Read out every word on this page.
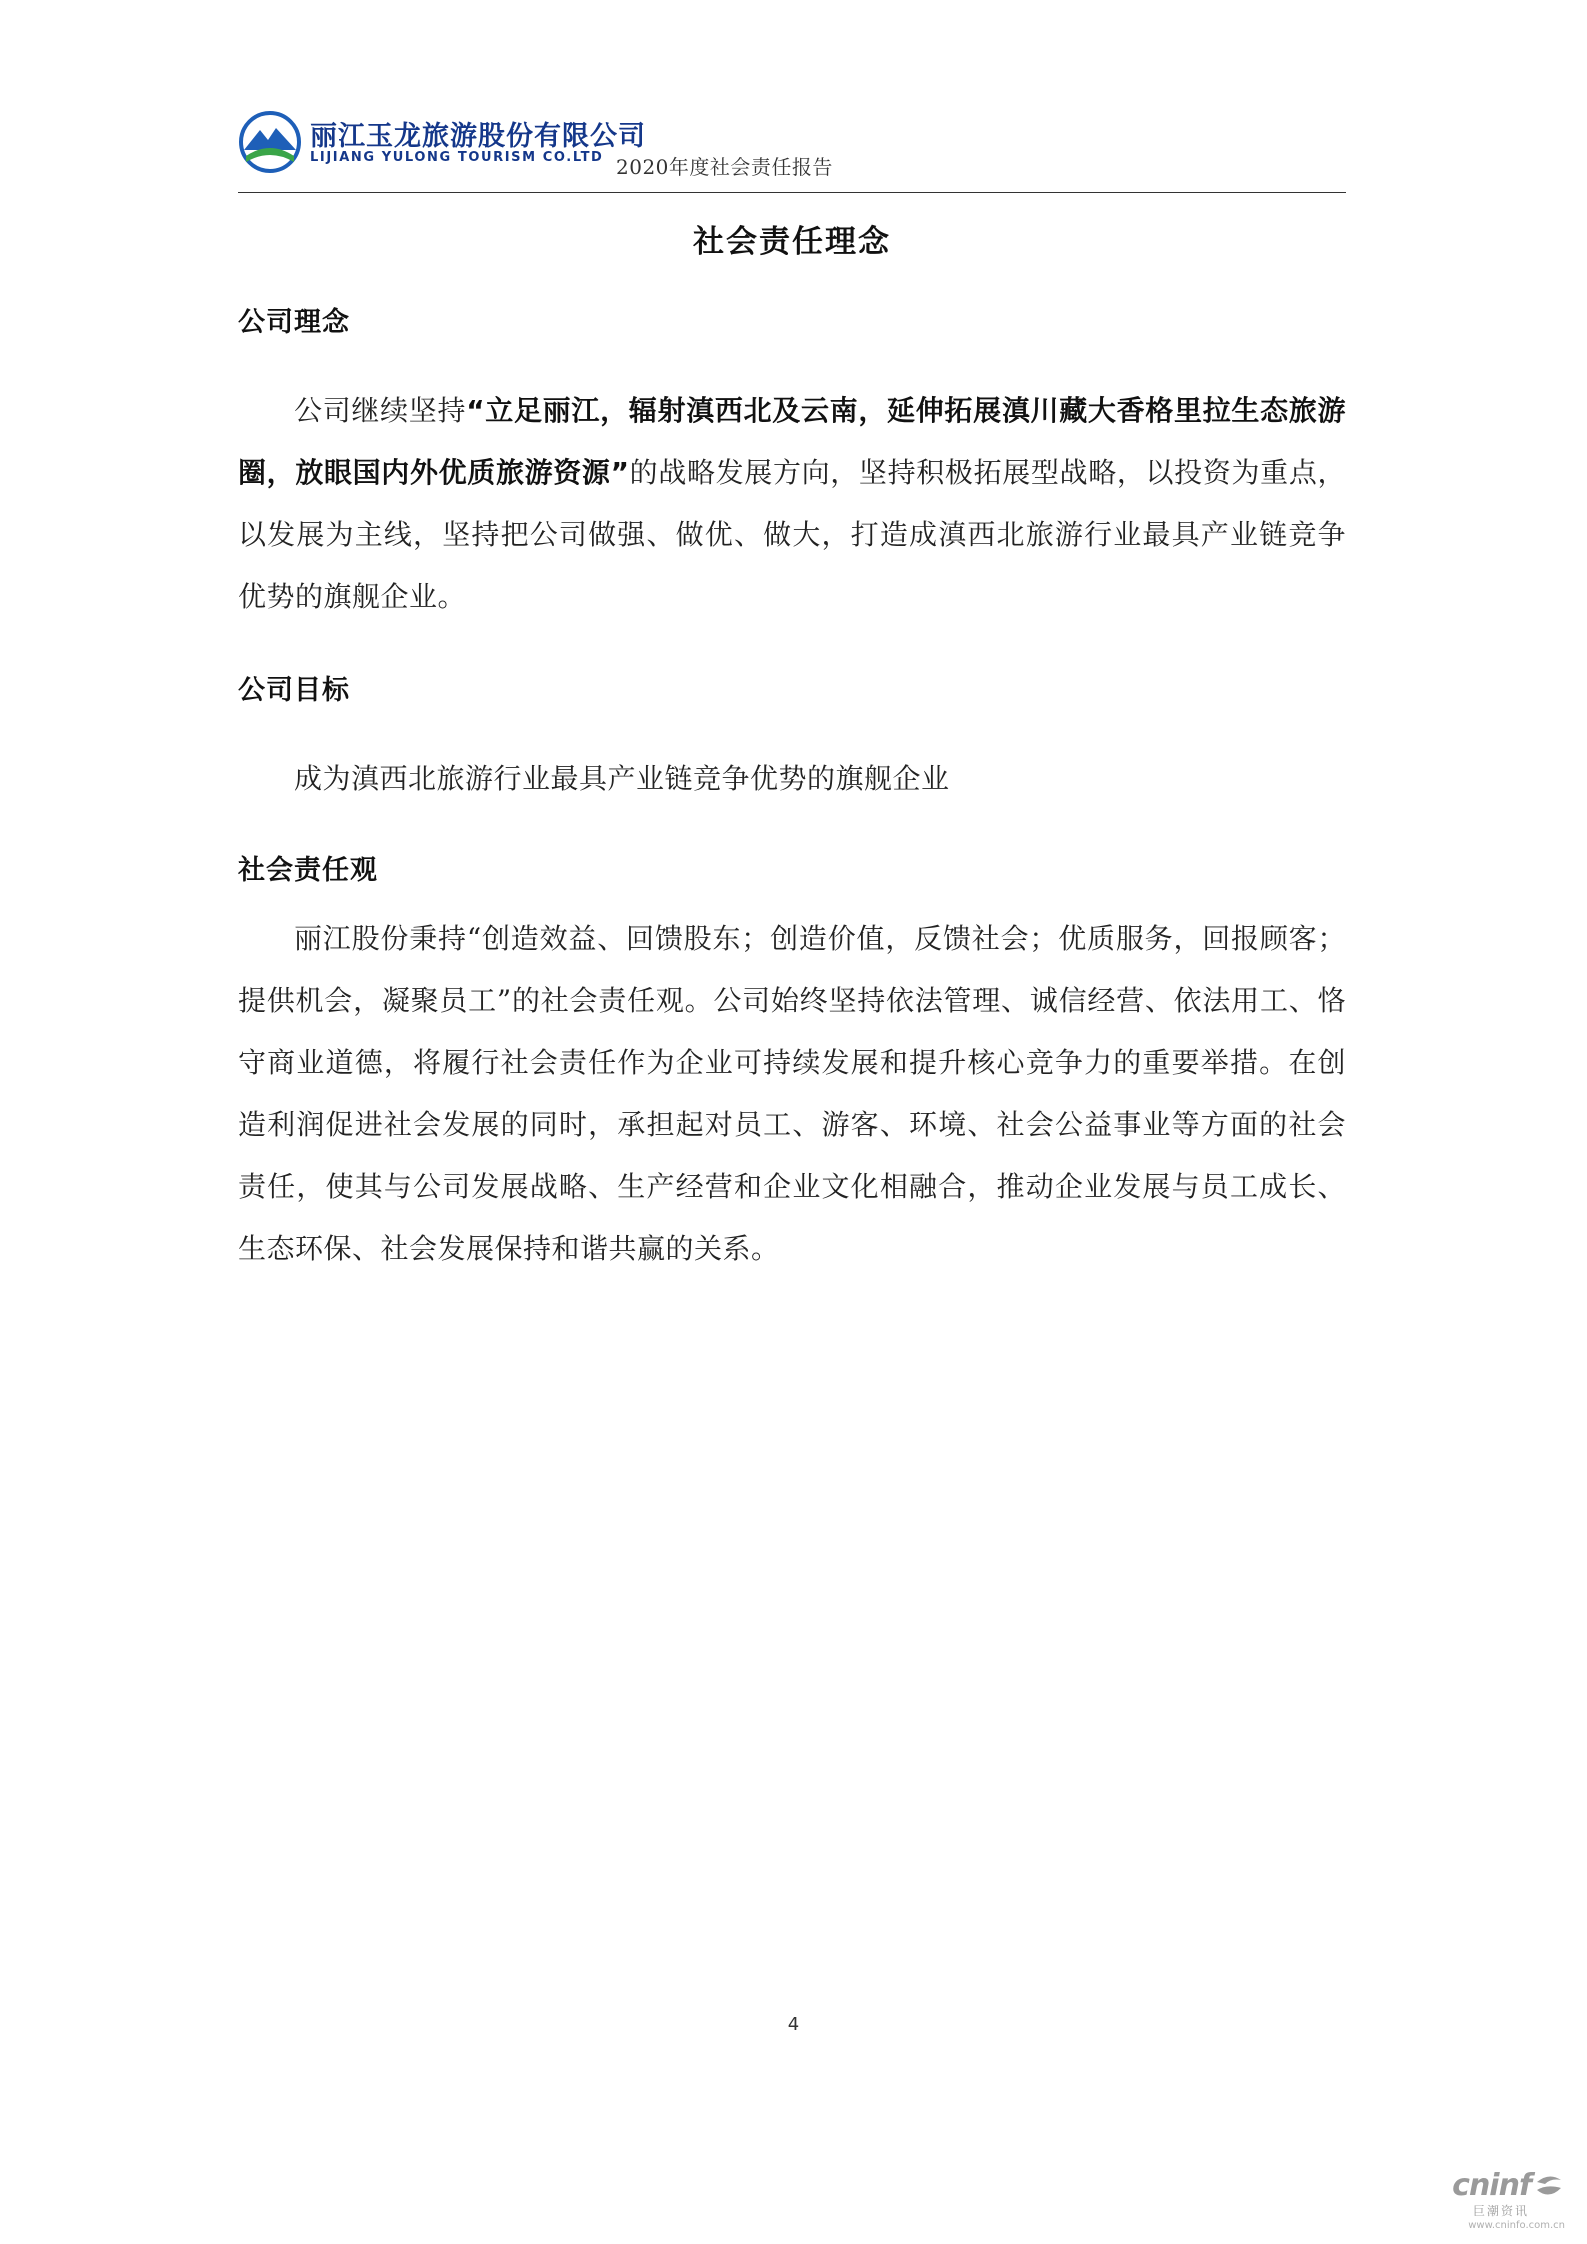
丽江玉龙旅游股份有限公司
LIJIANG YULONG TOURISM CO.LTD 2020年度社会责任报告
社会责任理念
公司理念

公司继续坚持“立足丽江，辐射滇西北及云南，延伸拓展滇川藏大香格里拉生态旅游圈，放眼国内外优质旅游资源”的战略发展方向，坚持积极拓展型战略，以投资为重点，以发展为主线，坚持把公司做强、做优、做大，打造成滇西北旅游行业最具产业链竞争优势的旗舰企业。

公司目标

成为滇西北旅游行业最具产业链竞争优势的旗舰企业

社会责任观

丽江股份秉持“创造效益、回馈股东；创造价值，反馈社会；优质服务，回报顾客；提供机会，凝聚员工”的社会责任观。公司始终坚持依法管理、诚信经营、依法用工、恪守商业道德，将履行社会责任作为企业可持续发展和提升核心竞争力的重要举措。在创造利润促进社会发展的同时，承担起对员工、游客、环境、社会公益事业等方面的社会责任，使其与公司发展战略、生产经营和企业文化相融合，推动企业发展与员工成长、生态环保、社会发展保持和谐共赢的关系。

4
cninf
巨潮资讯
www.cninfo.com.cn
